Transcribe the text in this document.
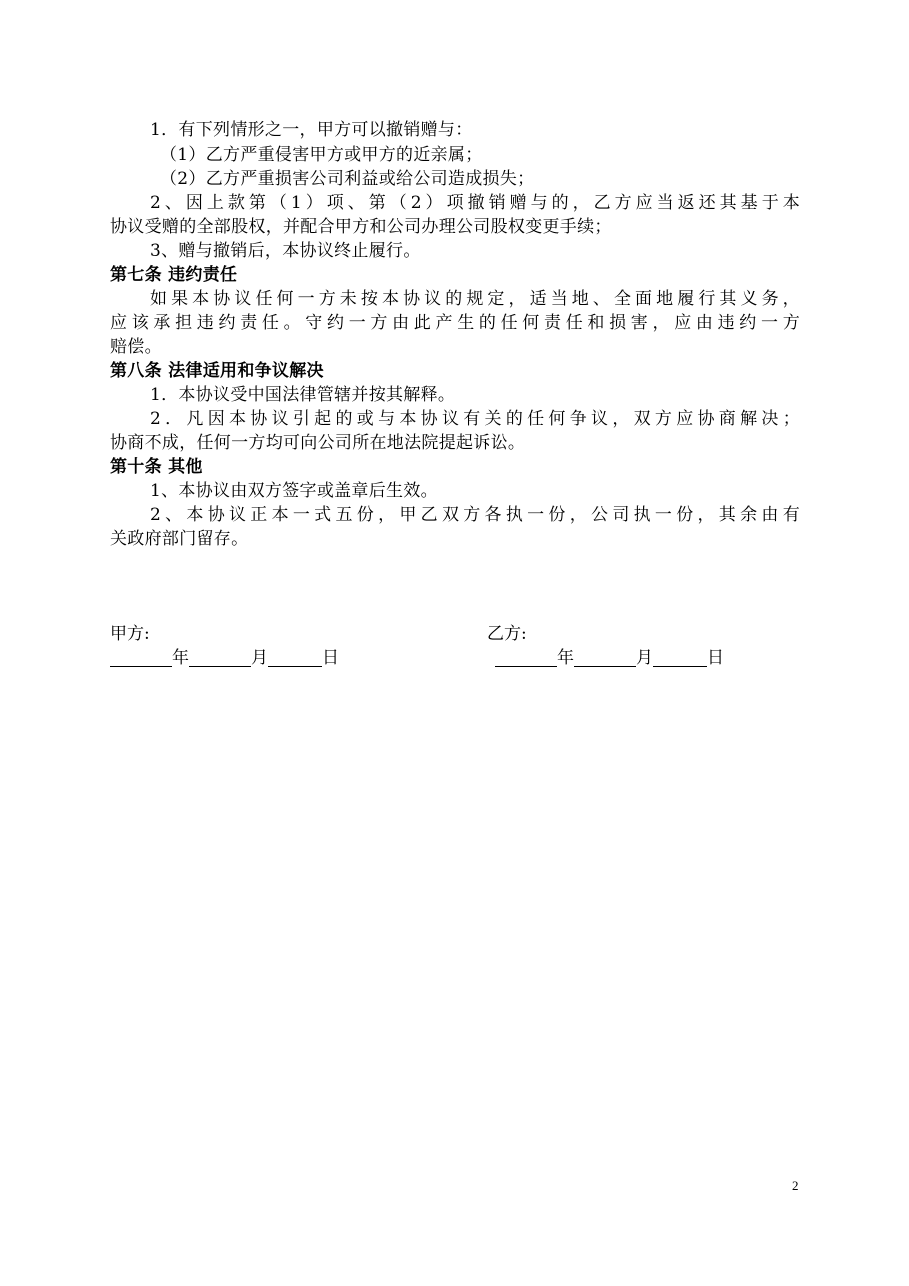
1．有下列情形之一，甲方可以撤销赠与：
（1）乙方严重侵害甲方或甲方的近亲属；
（2）乙方严重损害公司利益或给公司造成损失；
2、因上款第（1）项、第（2）项撤销赠与的，乙方应当返还其基于本
协议受赠的全部股权，并配合甲方和公司办理公司股权变更手续；
3、赠与撤销后，本协议终止履行。
第七条 违约责任
如果本协议任何一方未按本协议的规定，适当地、全面地履行其义务，
应该承担违约责任。守约一方由此产生的任何责任和损害，应由违约一方
赔偿。
第八条 法律适用和争议解决
1．本协议受中国法律管辖并按其解释。
2．凡因本协议引起的或与本协议有关的任何争议，双方应协商解决；
协商不成，任何一方均可向公司所在地法院提起诉讼。
第十条 其他
1、本协议由双方签字或盖章后生效。
2、本协议正本一式五份，甲乙双方各执一份，公司执一份，其余由有
关政府部门留存。
甲方:	乙方:
年	月	日	年	月	日
2
